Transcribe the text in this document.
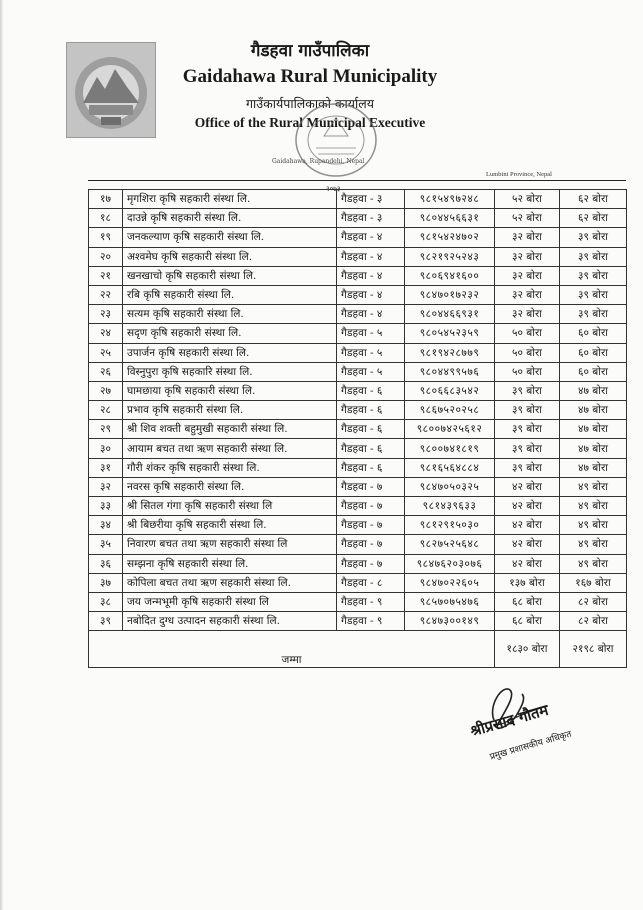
गैडहवा गाउँपालिका
Gaidahawa Rural Municipality
गाउँकार्यपालिकाको कार्यालय
Office of the Rural Municipal Executive
Gaidahawa, Rupandehi, Nepal
Lumbini Province, Nepal
२०७३
१७	मृगशिरा कृषि सहकारी संस्था लि.	गैडहवा - ३	९८१५४९७२४८	५२ बोरा	६२ बोरा
१८	दाउन्ने कृषि सहकारी संस्था लि.	गैडहवा - ३	९८०४४५६६३१	५२ बोरा	६२ बोरा
१९	जनकल्याण कृषि सहकारी संस्था लि.	गैडहवा - ४	९८१५४२४७०२	३२ बोरा	३९ बोरा
२०	अश्वमेघ कृषि सहकारी संस्था लि.	गैडहवा - ४	९८२१९२५२४३	३२ बोरा	३९ बोरा
२१	खनखाचो कृषि सहकारी संस्था लि.	गैडहवा - ४	९८०६९४१६००	३२ बोरा	३९ बोरा
२२	रबि कृषि सहकारी संस्था लि.	गैडहवा - ४	९८४७०१७२३२	३२ बोरा	३९ बोरा
२३	सत्यम कृषि सहकारी संस्था लि.	गैडहवा - ४	९८०४४६६९३१	३२ बोरा	३९ बोरा
२४	सदृण कृषि सहकारी संस्था लि.	गैडहवा - ५	९८०५४५२३५९	५० बोरा	६० बोरा
२५	उपार्जन कृषि सहकारी संस्था लि.	गैडहवा - ५	९८१९४२८७७९	५० बोरा	६० बोरा
२६	विस्नुपुरा कृषि सहकारि संस्था लि.	गैडहवा - ५	९८०४४९९५७६	५० बोरा	६० बोरा
२७	घामछाया कृषि सहकारी संस्था लि.	गैडहवा - ६	९८०६६८३५४२	३९ बोरा	४७ बोरा
२८	प्रभाव कृषि सहकारी संस्था लि.	गैडहवा - ६	९८६७५२०२५८	३९ बोरा	४७ बोरा
२९	श्री शिव शक्ती बहुमुखी सहकारी संस्था लि.	गैडहवा - ६	९८००७४२५६१२	३९ बोरा	४७ बोरा
३०	आयाम बचत तथा ऋण सहकारी संस्था लि.	गैडहवा - ६	९८००७४१८१९	३९ बोरा	४७ बोरा
३१	गौरी शंकर कृषि सहकारी संस्था लि.	गैडहवा - ६	९८१६५६४८८४	३९ बोरा	४७ बोरा
३२	नवरस कृषि सहकारी संस्था लि.	गैडहवा - ७	९८४७०५०३२५	४२ बोरा	४९ बोरा
३३	श्री सितल गंगा कृषि सहकारी संस्था लि	गैडहवा - ७	९८१४३९६३३	४२ बोरा	४९ बोरा
३४	श्री बिछरीया कृषि सहकारी संस्था लि.	गैडहवा - ७	९८१२९१५०३०	४२ बोरा	४९ बोरा
३५	निवारण बचत तथा ऋण सहकारी संस्था लि	गैडहवा - ७	९८२७५२५६४८	४२ बोरा	४९ बोरा
३६	सम्झना कृषि सहकारी संस्था लि.	गैडहवा - ७	९८४७६२०३०७६	४२ बोरा	४९ बोरा
३७	कोपिला बचत तथा ऋण सहकारी संस्था लि.	गैडहवा - ८	९८४७०२२६०५	१३७ बोरा	१६७ बोरा
३८	जय जन्मभूमी कृषि सहकारी संस्था लि	गैडहवा - ९	९८५७०७५४७६	६८ बोरा	८२ बोरा
३९	नबोदित दुग्ध उत्पादन सहकारी संस्था लि.	गैडहवा - ९	९८४७३००१४९	६८ बोरा	८२ बोरा
जम्मा				१८३० बोरा	२१९८ बोरा
श्रीप्रसाद गौतम
प्रमुख प्रशासकीय अधिकृत
